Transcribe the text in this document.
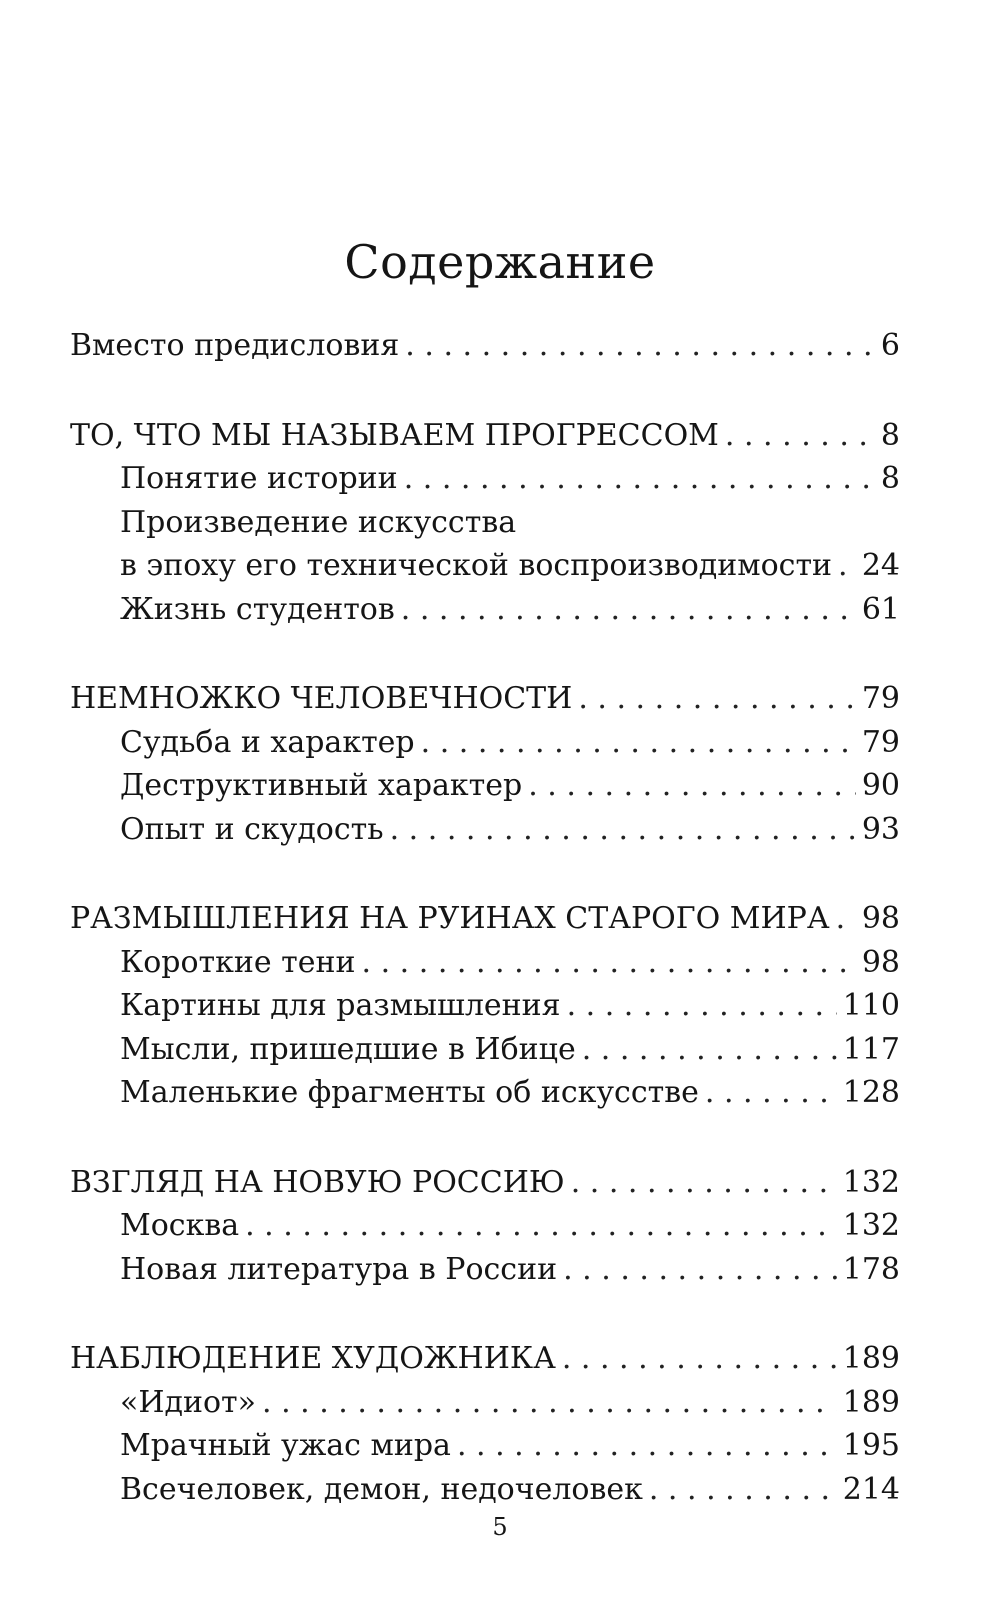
Содержание
Вместо предисловия . . .	6
ТО, ЧТО МЫ НАЗЫВАЕМ ПРОГРЕССОМ . . .	8
Понятие истории . . .	8
Произведение искусства
в эпоху его технической воспроизводимости . . . 24
Жизнь студентов . . .	61
НЕМНОЖКО ЧЕЛОВЕЧНОСТИ . . .	79
Судьба и характер . . .	79
Деструктивный характер . . .	90
Опыт и скудость . . .	93
РАЗМЫШЛЕНИЯ НА РУИНАХ СТАРОГО МИРА . . . 98
Короткие тени . . .	98
Картины для размышления . . .	110
Мысли, пришедшие в Ибице . . .	117
Маленькие фрагменты об искусстве . . .	128
ВЗГЛЯД НА НОВУЮ РОССИЮ . . .	132
Москва . . .	132
Новая литература в России . . .	178
НАБЛЮДЕНИЕ ХУДОЖНИКА . . .	189
«Идиот» . . .	189
Мрачный ужас мира . . .	195
Всечеловек, демон, недочеловек . . .	214
5
